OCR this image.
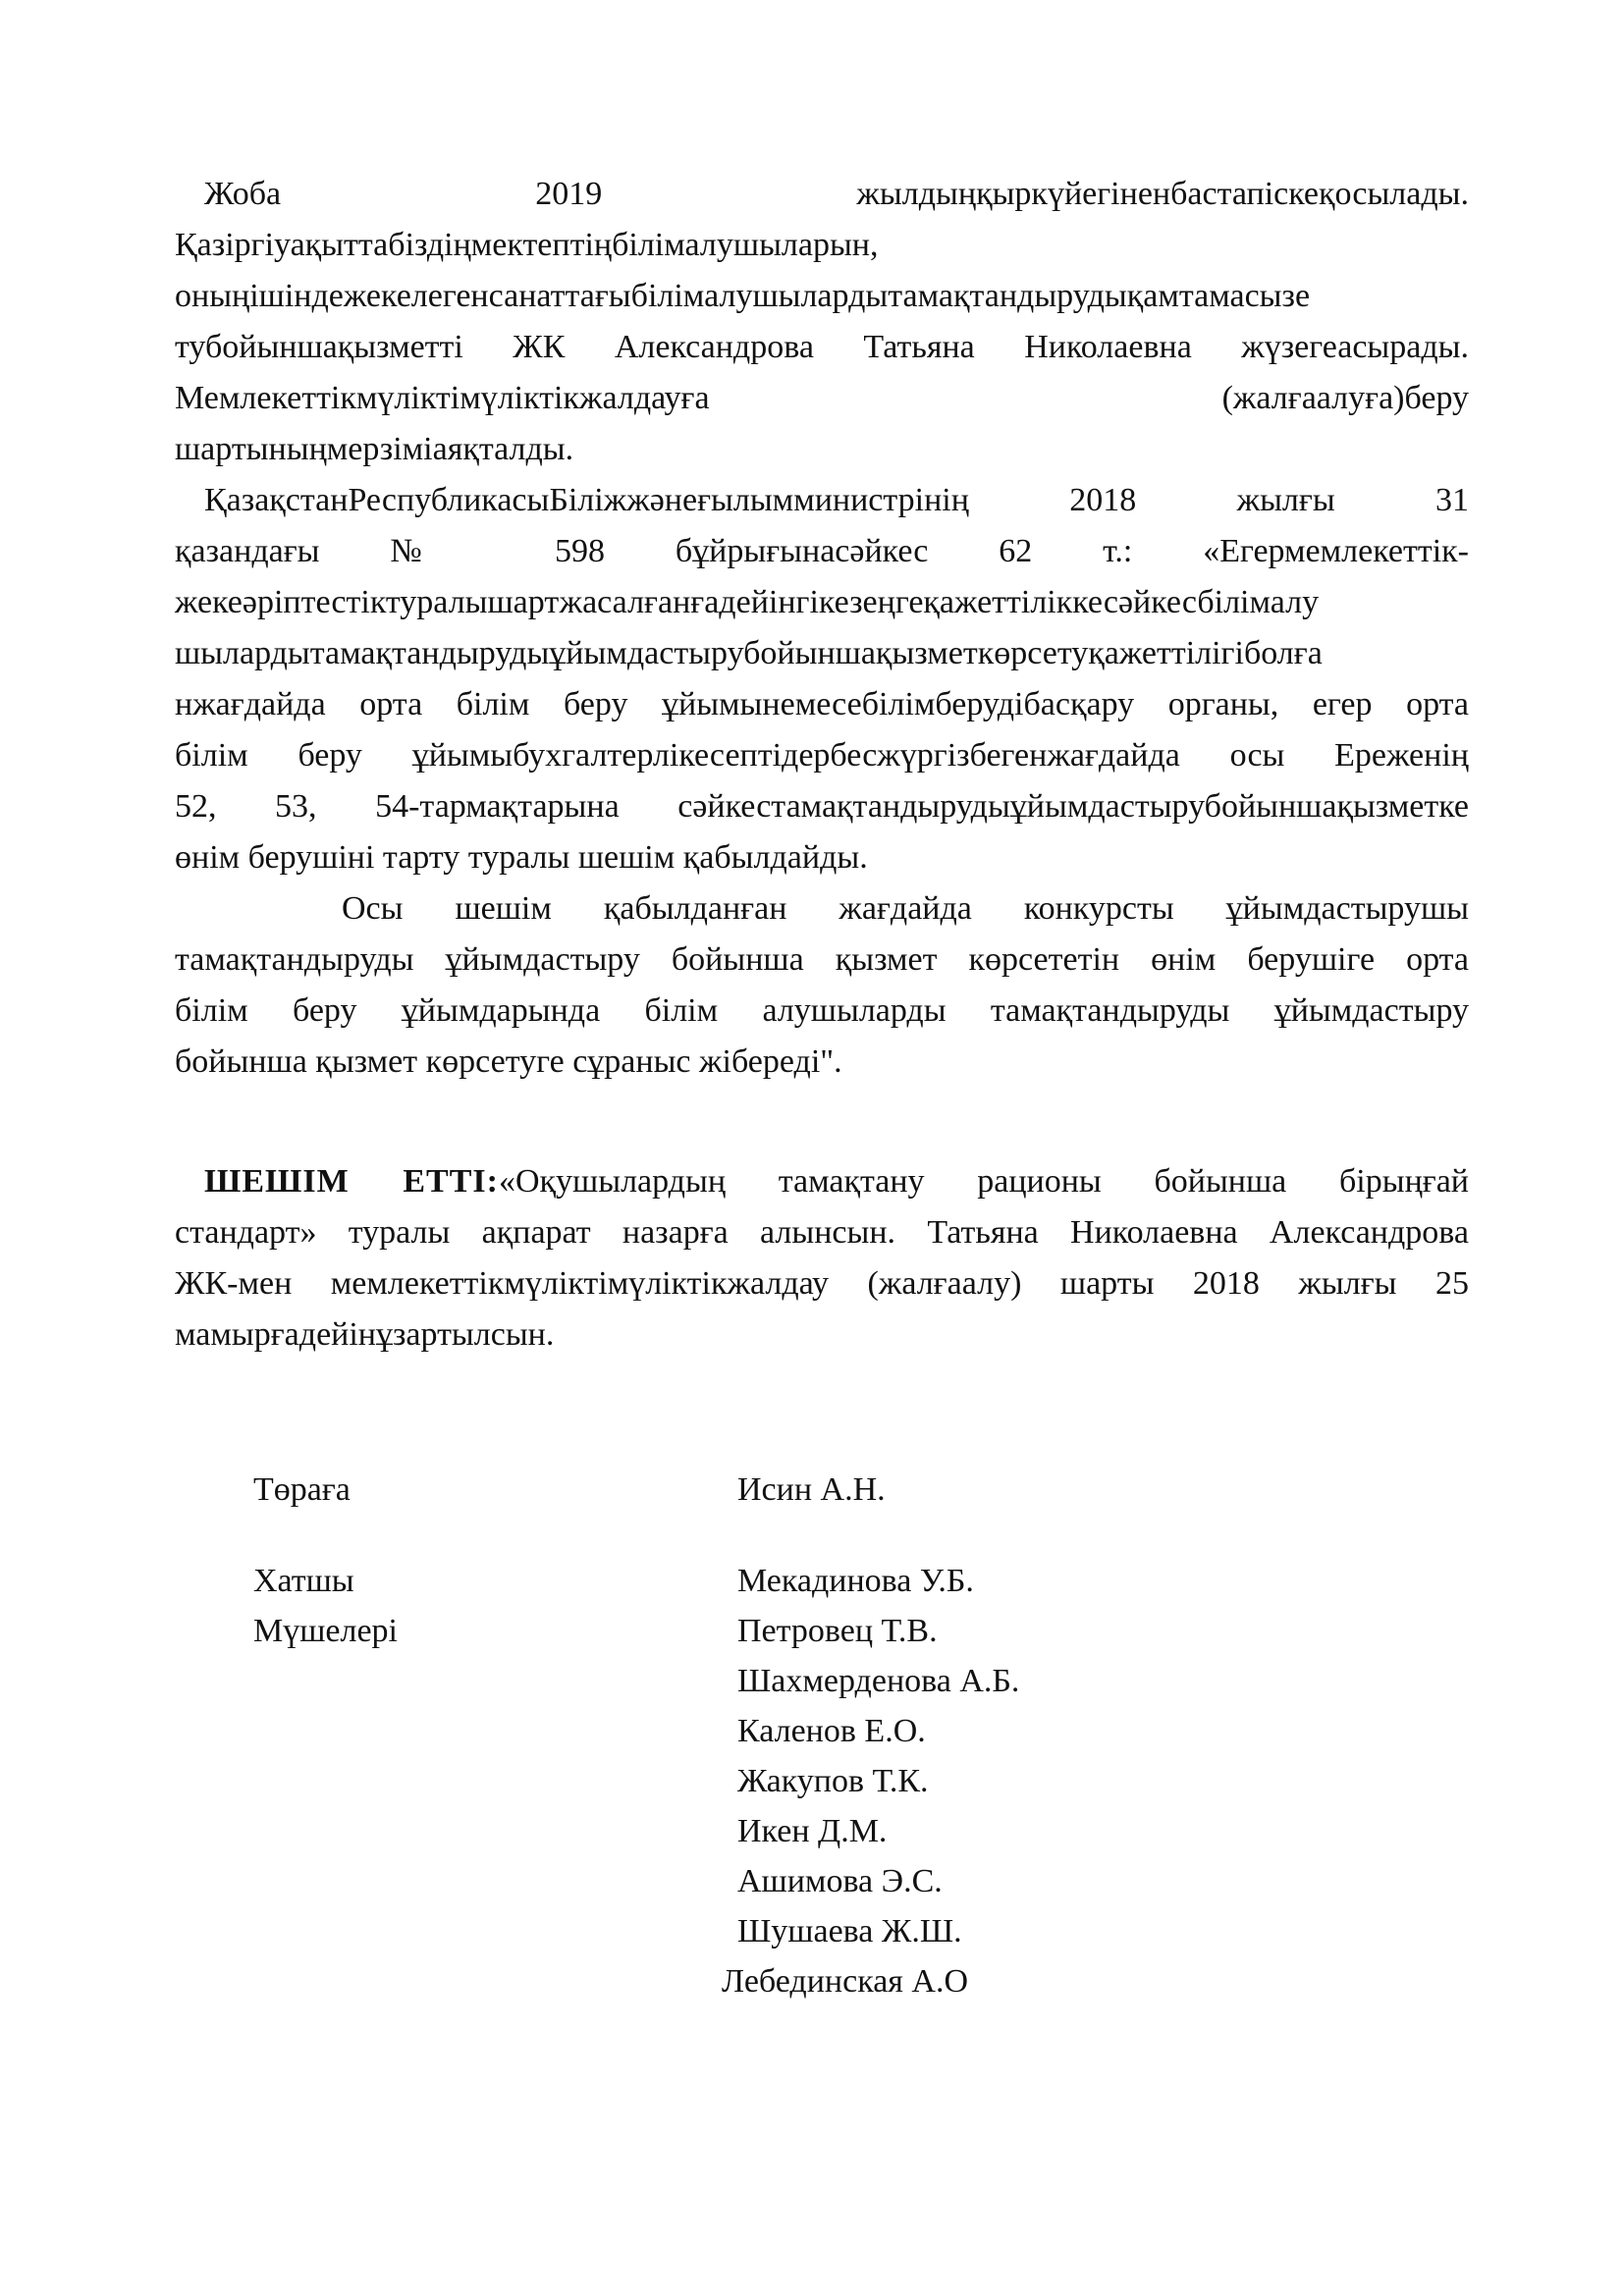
Жоба 2019 жылдыңқыркүйегіненбастапіскеқосылады.
Қазіргіуақыттабіздіңмектептіңбілімалушыларын,
оныңішіндежекелегенсанаттағыбілімалушылардытамақтандырудықамтамасызе
тубойыншақызметті ЖК Александрова Татьяна Николаевна жүзегеасырады.
Мемлекеттікмүліктімүліктікжалдауға (жалғаалуға)беру
шартыныңмерзіміаяқталды.
ҚазақстанРеспубликасыБіліжжәнеғылымминистрінің 2018 жылғы 31
қазандағы № 598 бұйрығынасәйкес 62 т.: «Егермемлекеттік-
жекеәріптестіктуралышартжасалғанғадейінгікезеңгеқажеттіліккесәйкесбілімалу
шылардытамақтандырудыұйымдастырубойыншақызметкөрсетуқажеттілігіболға
нжағдайда орта білім беру ұйымынемесебілімберудібасқару органы, егер орта
білім беру ұйымыбухгалтерлікесептідербесжүргізбегенжағдайда осы Ереженің
52, 53, 54-тармақтарына сәйкестамақтандырудыұйымдастырубойыншақызметке
өнім берушіні тарту туралы шешім қабылдайды.
Осы шешім қабылданған жағдайда конкурсты ұйымдастырушы
тамақтандыруды ұйымдастыру бойынша қызмет көрсететін өнім берушіге орта
білім беру ұйымдарында білім алушыларды тамақтандыруды ұйымдастыру
бойынша қызмет көрсетуге сұраныс жібереді".
ШЕШІМ ЕТТІ:«Оқушылардың тамақтану рационы бойынша бірыңғай
стандарт» туралы ақпарат назарға алынсын. Татьяна Николаевна Александрова
ЖК-мен мемлекеттікмүліктімүліктікжалдау (жалғаалу) шарты 2018 жылғы 25
мамырғадейінұзартылсын.
Төраға	Исин А.Н.
Хатшы	Мекадинова У.Б.
Мүшелері	Петровец Т.В.
Шахмерденова А.Б.
Каленов Е.О.
Жакупов Т.К.
Икен Д.М.
Ашимова Э.С.
Шушаева Ж.Ш.
Лебединская А.О
